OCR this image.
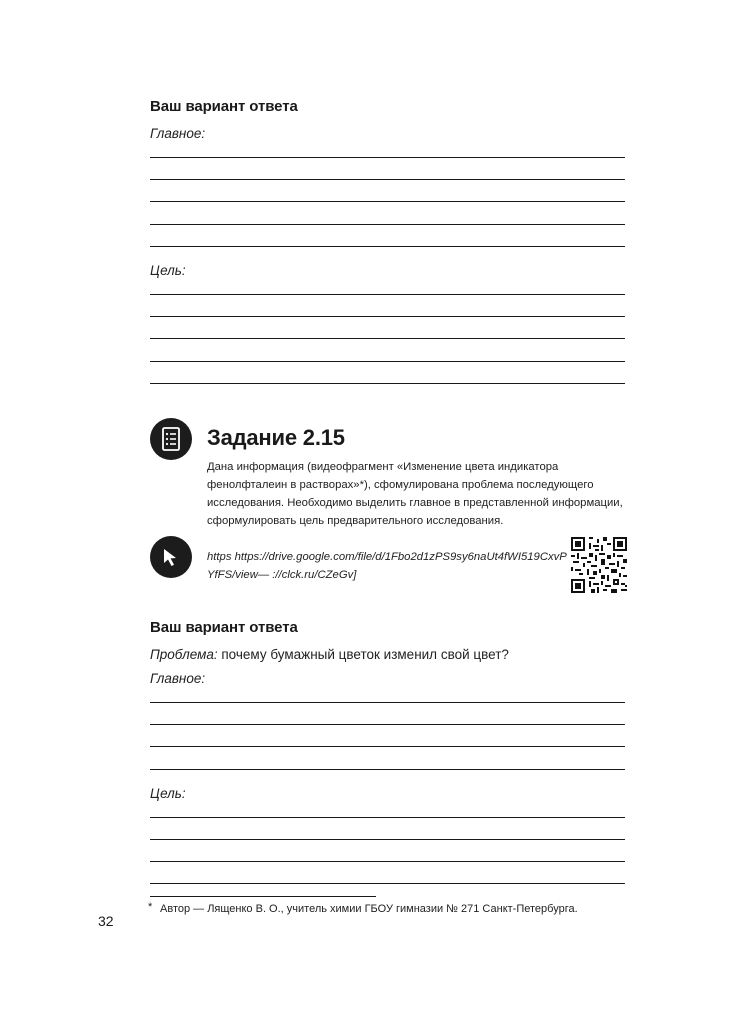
Ваш вариант ответа
Главное:
Цель:
Задание 2.15
Дана информация (видеофрагмент «Изменение цвета индикатора фенолфталеин в растворах»*), сфомулирована проблема последующего исследования. Необходимо выделить главное в представленной информации, сформулировать цель предварительного исследования.
https https://drive.google.com/file/d/1Fbo2d1zPS9sy6naUt4fWI519CxvPYfFS/view— ://clck.ru/CZeGv]
Ваш вариант ответа
Проблема: почему бумажный цветок изменил свой цвет?
Главное:
Цель:
* Автор — Лященко В. О., учитель химии ГБОУ гимназии № 271 Санкт-Петербурга.
32
